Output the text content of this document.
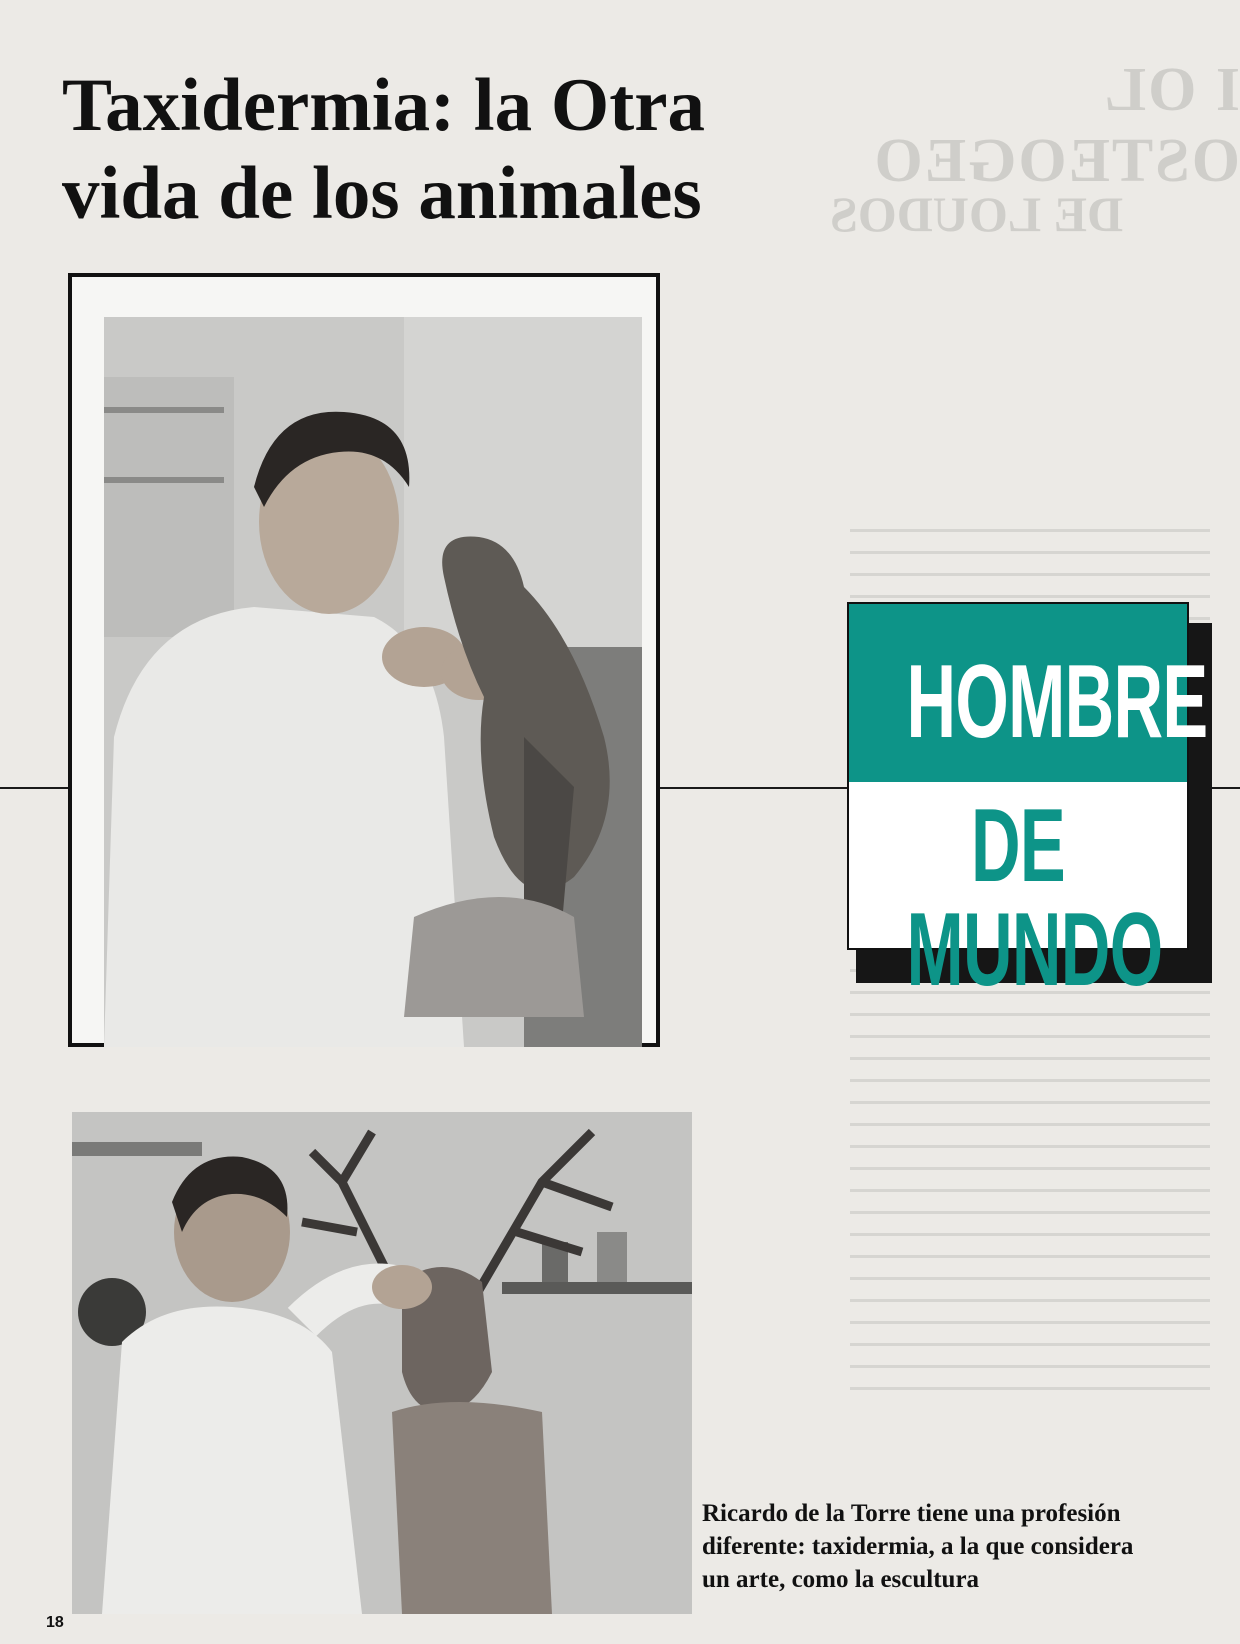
I OL OSTEOGEO
DE LOUDOS
Taxidermia: la Otra
vida de los animales
HOMBRE
DE MUNDO

Ricardo de la Torre tiene una profesión
diferente: taxidermia, a la que considera
un arte, como la escultura

18
